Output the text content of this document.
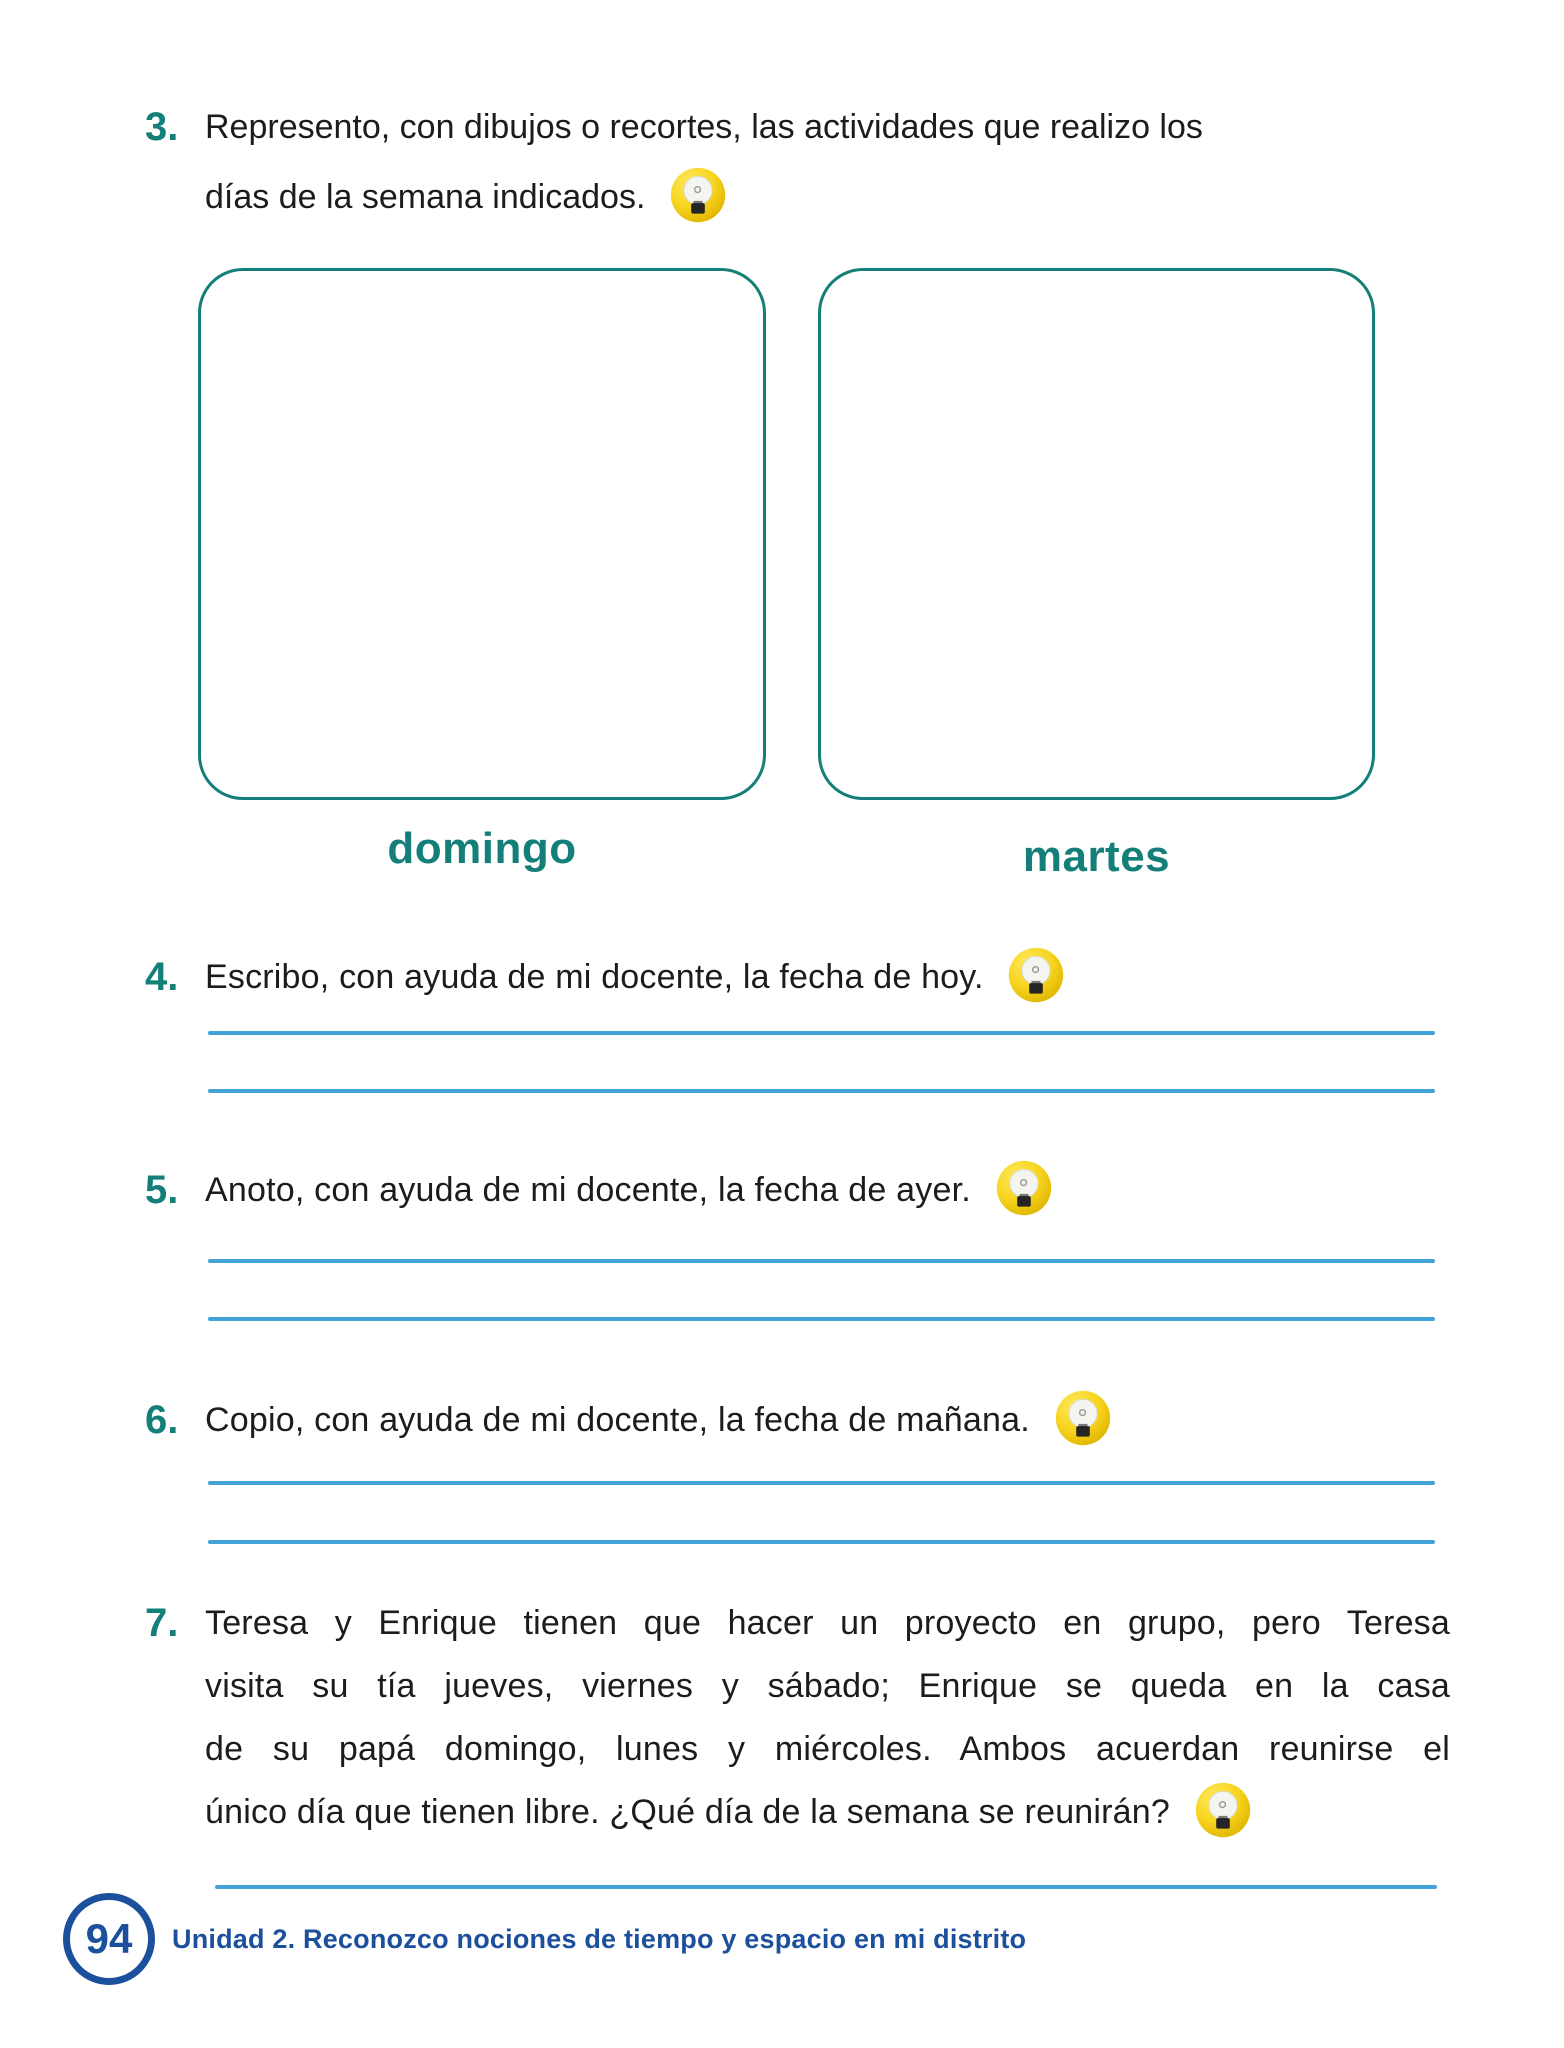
3. Represento, con dibujos o recortes, las actividades que realizo los
días de la semana indicados.
domingo	martes
4. Escribo, con ayuda de mi docente, la fecha de hoy.
5. Anoto, con ayuda de mi docente, la fecha de ayer.
6. Copio, con ayuda de mi docente, la fecha de mañana.
7. Teresa y Enrique tienen que hacer un proyecto en grupo, pero Teresa
visita su tía jueves, viernes y sábado; Enrique se queda en la casa
de su papá domingo, lunes y miércoles. Ambos acuerdan reunirse el
único día que tienen libre. ¿Qué día de la semana se reunirán?
94 Unidad 2. Reconozco nociones de tiempo y espacio en mi distrito
